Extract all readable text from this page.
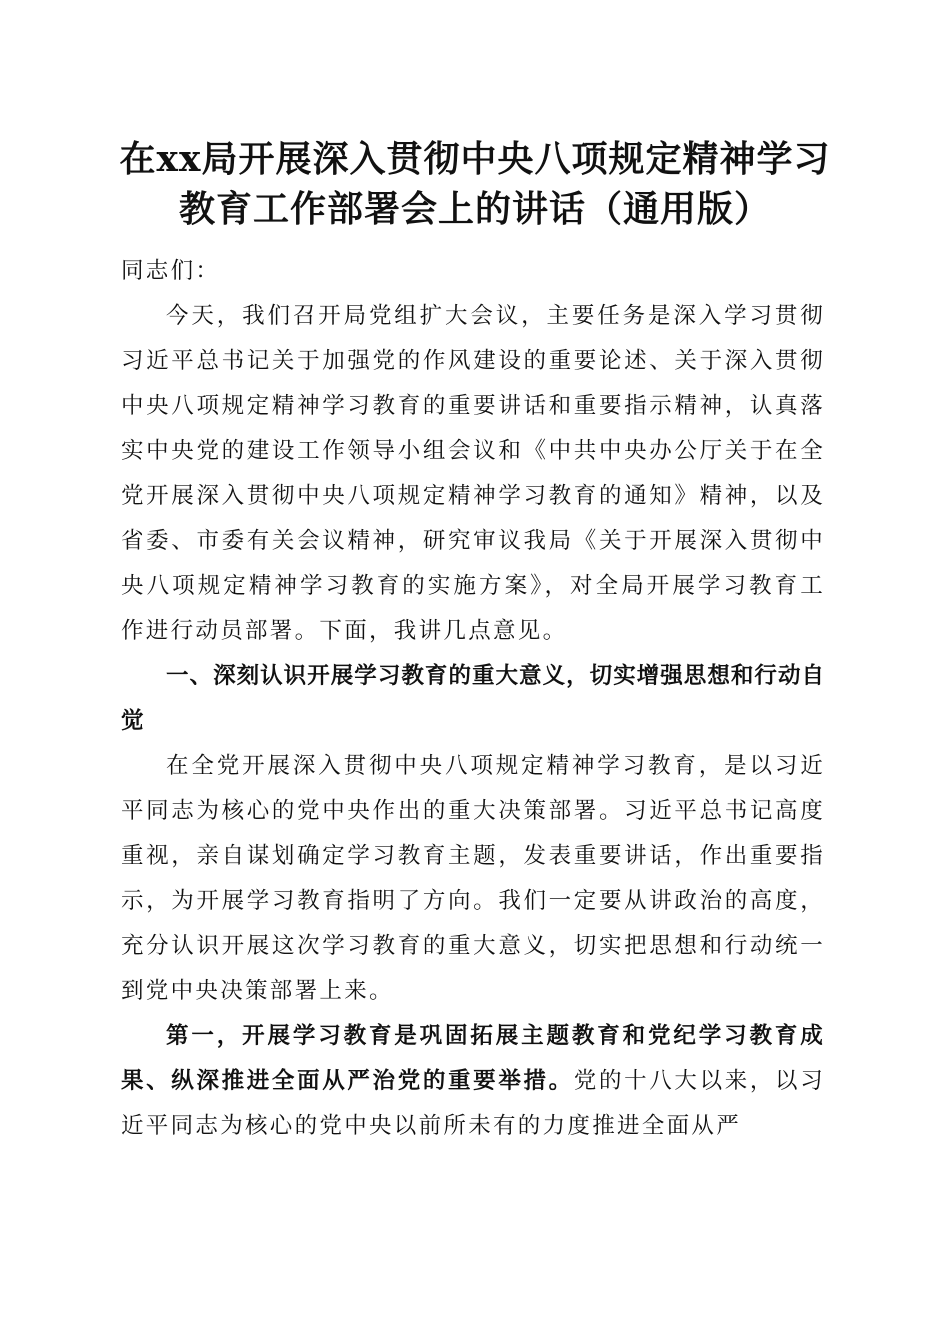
在xx局开展深入贯彻中央八项规定精神学习
教育工作部署会上的讲话（通用版）

同志们：

今天，我们召开局党组扩大会议，主要任务是深入学习贯彻习近平总书记关于加强党的作风建设的重要论述、关于深入贯彻中央八项规定精神学习教育的重要讲话和重要指示精神，认真落实中央党的建设工作领导小组会议和《中共中央办公厅关于在全党开展深入贯彻中央八项规定精神学习教育的通知》精神，以及省委、市委有关会议精神，研究审议我局《关于开展深入贯彻中央八项规定精神学习教育的实施方案》，对全局开展学习教育工作进行动员部署。下面，我讲几点意见。

一、深刻认识开展学习教育的重大意义，切实增强思想和行动自觉

在全党开展深入贯彻中央八项规定精神学习教育，是以习近平同志为核心的党中央作出的重大决策部署。习近平总书记高度重视，亲自谋划确定学习教育主题，发表重要讲话，作出重要指示，为开展学习教育指明了方向。我们一定要从讲政治的高度，充分认识开展这次学习教育的重大意义，切实把思想和行动统一到党中央决策部署上来。

第一，开展学习教育是巩固拓展主题教育和党纪学习教育成果、纵深推进全面从严治党的重要举措。党的十八大以来，以习近平同志为核心的党中央以前所未有的力度推进全面从严
